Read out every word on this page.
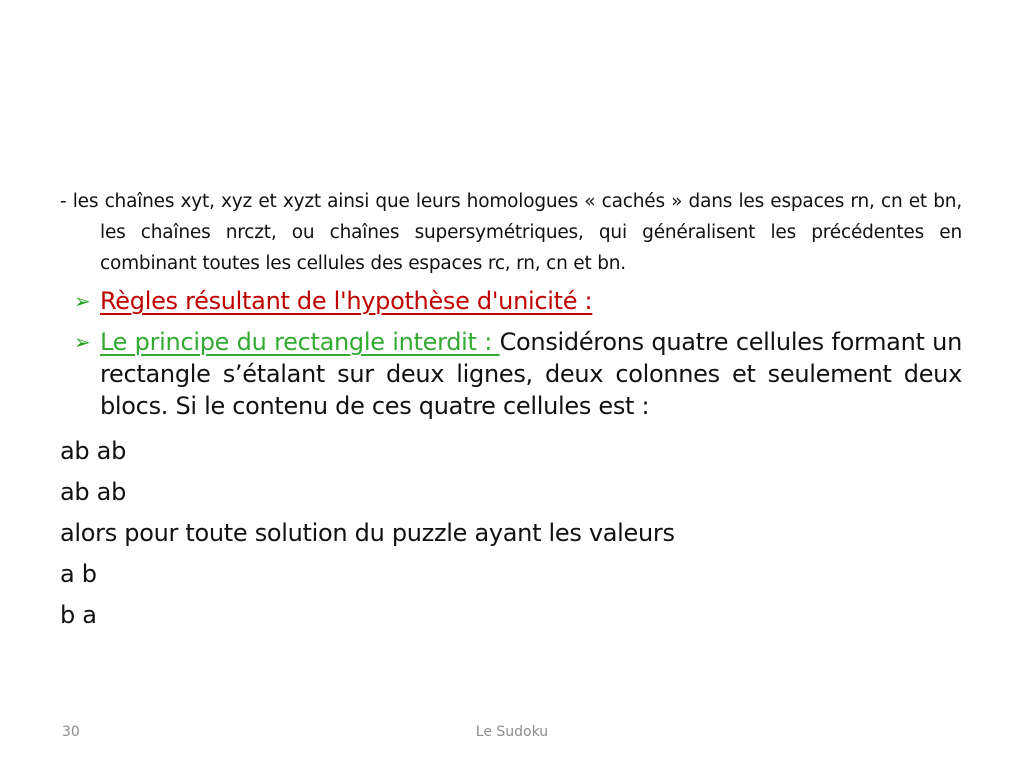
- les chaînes xyt, xyz et xyzt ainsi que leurs homologues « cachés » dans les espaces rn, cn et bn, les chaînes nrczt, ou chaînes supersymétriques, qui généralisent les précédentes en combinant toutes les cellules des espaces rc, rn, cn et bn.

➢ Règles résultant de l'hypothèse d'unicité :
➢ Le principe du rectangle interdit : Considérons quatre cellules formant un rectangle s’étalant sur deux lignes, deux colonnes et seulement deux blocs. Si le contenu de ces quatre cellules est :

ab ab

ab ab

alors pour toute solution du puzzle ayant les valeurs

a b

b a

30	Le Sudoku
